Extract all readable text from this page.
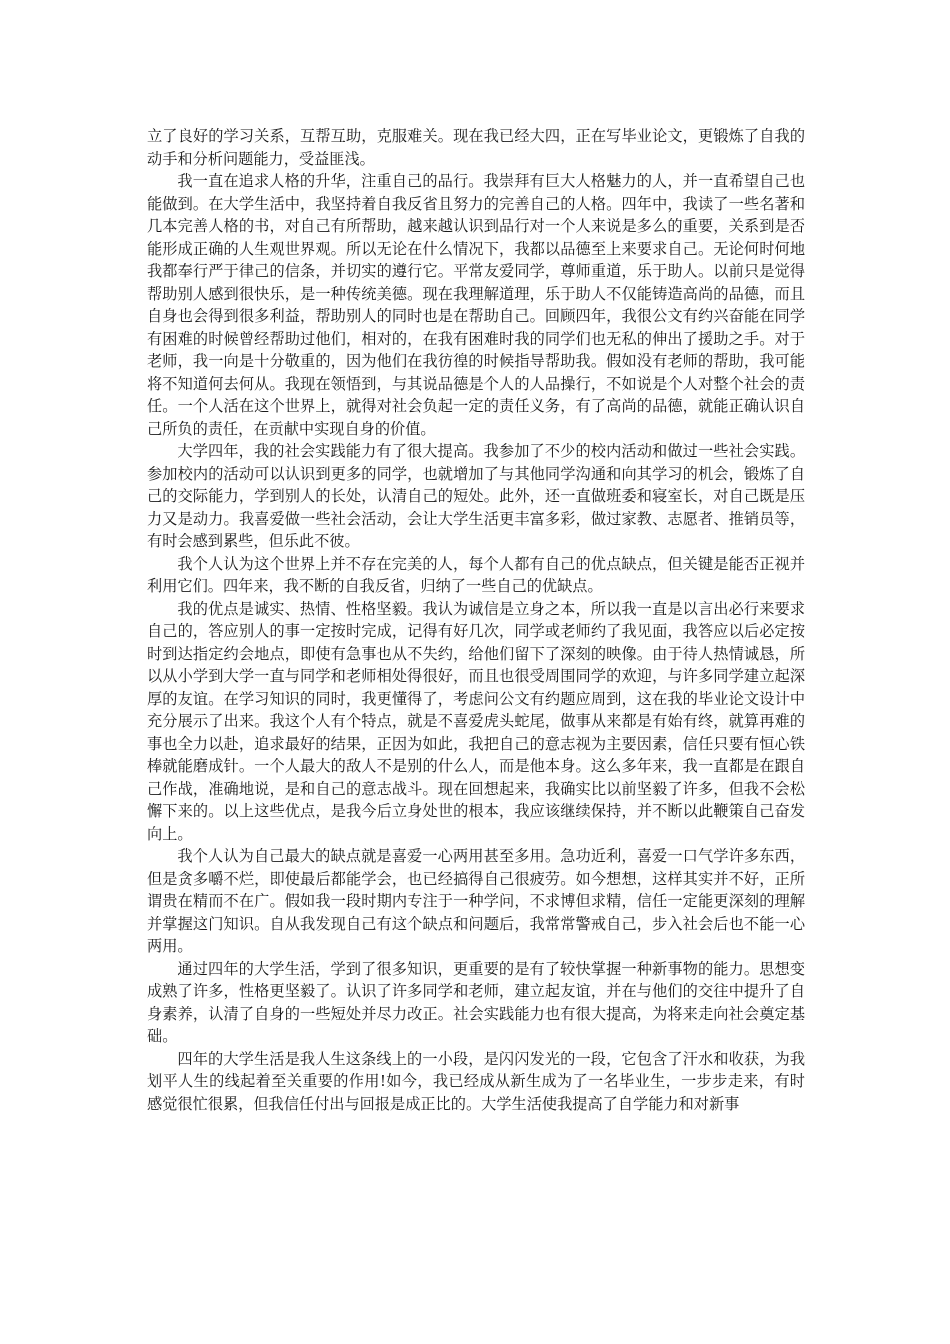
立了良好的学习关系，互帮互助，克服难关。现在我已经大四，正在写毕业论文，更锻炼了自我的动手和分析问题能力，受益匪浅。

我一直在追求人格的升华，注重自己的品行。我崇拜有巨大人格魅力的人，并一直希望自己也能做到。在大学生活中，我坚持着自我反省且努力的完善自己的人格。四年中，我读了一些名著和几本完善人格的书，对自己有所帮助，越来越认识到品行对一个人来说是多么的重要，关系到是否能形成正确的人生观世界观。所以无论在什么情况下，我都以品德至上来要求自己。无论何时何地我都奉行严于律己的信条，并切实的遵行它。平常友爱同学，尊师重道，乐于助人。以前只是觉得帮助别人感到很快乐，是一种传统美德。现在我理解道理，乐于助人不仅能铸造高尚的品德，而且自身也会得到很多利益，帮助别人的同时也是在帮助自己。回顾四年，我很公文有约兴奋能在同学有困难的时候曾经帮助过他们，相对的，在我有困难时我的同学们也无私的伸出了援助之手。对于老师，我一向是十分敬重的，因为他们在我彷徨的时候指导帮助我。假如没有老师的帮助，我可能将不知道何去何从。我现在领悟到，与其说品德是个人的人品操行，不如说是个人对整个社会的责任。一个人活在这个世界上，就得对社会负起一定的责任义务，有了高尚的品德，就能正确认识自己所负的责任，在贡献中实现自身的价值。

大学四年，我的社会实践能力有了很大提高。我参加了不少的校内活动和做过一些社会实践。参加校内的活动可以认识到更多的同学，也就增加了与其他同学沟通和向其学习的机会，锻炼了自己的交际能力，学到别人的长处，认清自己的短处。此外，还一直做班委和寝室长，对自己既是压力又是动力。我喜爱做一些社会活动，会让大学生活更丰富多彩，做过家教、志愿者、推销员等，有时会感到累些，但乐此不彼。

我个人认为这个世界上并不存在完美的人，每个人都有自己的优点缺点，但关键是能否正视并利用它们。四年来，我不断的自我反省，归纳了一些自己的优缺点。

我的优点是诚实、热情、性格坚毅。我认为诚信是立身之本，所以我一直是以言出必行来要求自己的，答应别人的事一定按时完成，记得有好几次，同学或老师约了我见面，我答应以后必定按时到达指定约会地点，即使有急事也从不失约，给他们留下了深刻的映像。由于待人热情诚恳，所以从小学到大学一直与同学和老师相处得很好，而且也很受周围同学的欢迎，与许多同学建立起深厚的友谊。在学习知识的同时，我更懂得了，考虑问公文有约题应周到，这在我的毕业论文设计中充分展示了出来。我这个人有个特点，就是不喜爱虎头蛇尾，做事从来都是有始有终，就算再难的事也全力以赴，追求最好的结果，正因为如此，我把自己的意志视为主要因素，信任只要有恒心铁棒就能磨成针。一个人最大的敌人不是别的什么人，而是他本身。这么多年来，我一直都是在跟自己作战，准确地说，是和自己的意志战斗。现在回想起来，我确实比以前坚毅了许多，但我不会松懈下来的。以上这些优点，是我今后立身处世的根本，我应该继续保持，并不断以此鞭策自己奋发向上。

我个人认为自己最大的缺点就是喜爱一心两用甚至多用。急功近利，喜爱一口气学许多东西，但是贪多嚼不烂，即使最后都能学会，也已经搞得自己很疲劳。如今想想，这样其实并不好，正所谓贵在精而不在广。假如我一段时期内专注于一种学问，不求博但求精，信任一定能更深刻的理解并掌握这门知识。自从我发现自己有这个缺点和问题后，我常常警戒自己，步入社会后也不能一心两用。

通过四年的大学生活，学到了很多知识，更重要的是有了较快掌握一种新事物的能力。思想变成熟了许多，性格更坚毅了。认识了许多同学和老师，建立起友谊，并在与他们的交往中提升了自身素养，认清了自身的一些短处并尽力改正。社会实践能力也有很大提高，为将来走向社会奠定基础。

四年的大学生活是我人生这条线上的一小段，是闪闪发光的一段，它包含了汗水和收获，为我划平人生的线起着至关重要的作用!如今，我已经成从新生成为了一名毕业生，一步步走来，有时感觉很忙很累，但我信任付出与回报是成正比的。大学生活使我提高了自学能力和对新事
